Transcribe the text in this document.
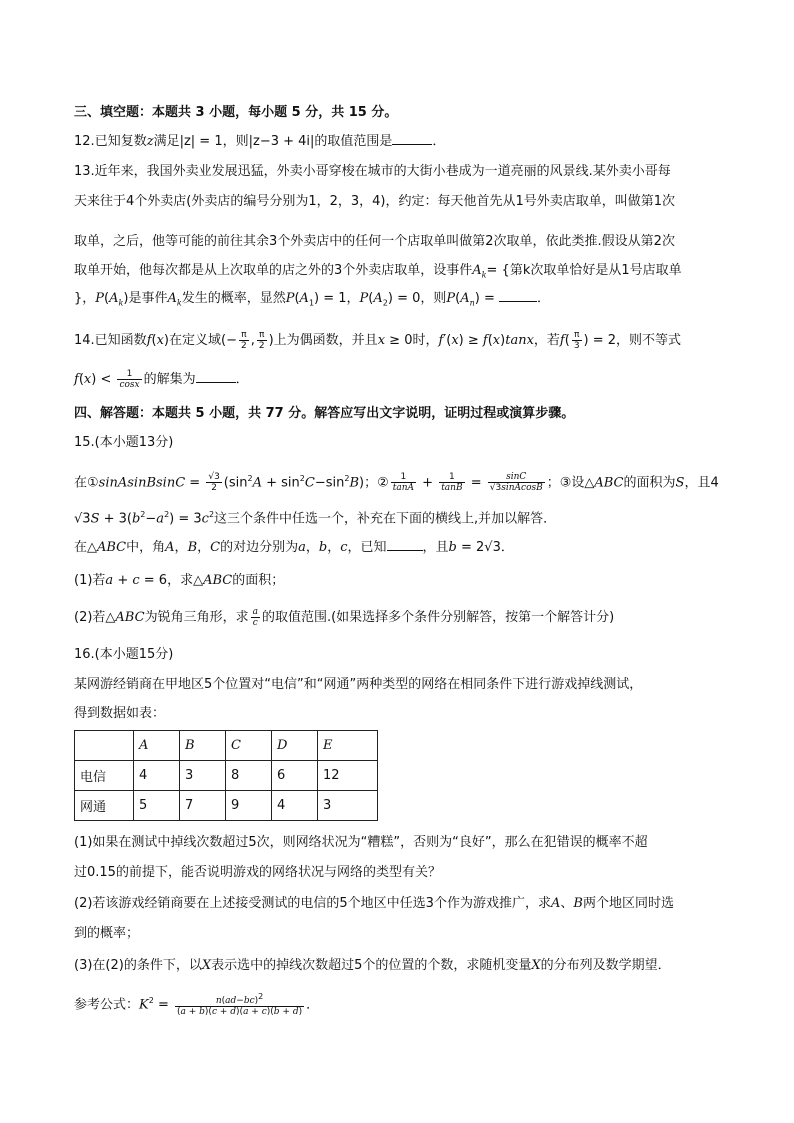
三、填空题：本题共 3 小题，每小题 5 分，共 15 分。
12.已知复数z满足|z| = 1，则|z−3 + 4i|的取值范围是	．
13.近年来，我国外卖业发展迅猛，外卖小哥穿梭在城市的大街小巷成为一道亮丽的风景线.某外卖小哥每
天来往于4个外卖店(外卖店的编号分别为1，2，3，4)，约定：每天他首先从1号外卖店取单，叫做第1次
取单，之后，他等可能的前往其余3个外卖店中的任何一个店取单叫做第2次取单，依此类推.假设从第2次
取单开始，他每次都是从上次取单的店之外的3个外卖店取单，设事件$A_k=$ {第k次取单恰好是从1号店取单
}，$P(A_k)$是事件$A_k$发生的概率，显然$P(A_1) = 1$，$P(A_2) = 0$，则$P(A_n)$ =	．
14.已知函数f(x)在定义域(− $\frac{\pi}{2}$ , $\frac{\pi}{2}$ )上为偶函数，并且x ≥ 0时，f′(x) ≥ f(x)tanx，若$f( \frac{\pi}{3}$ ) = 2，则不等式
$f(x) < \frac{1}{\cos x}$ 的解集为	．
四、解答题：本题共 5 小题，共 77 分。解答应写出文字说明，证明过程或演算步骤。
15.(本小题13分)
在①sinAsinBsinC = $\frac{√3}{2} (\sin^2A + \sin^2C-\sin^2B)$；② $\frac{1}{\tan A} + \frac{1}{\tan B} = \frac{\sin C}{\text{√3sinAcosB}}$ ；③设△ABC的面积为S，且4
$√3S + 3(b^2-a^2) = 3c^2$这三个条件中任选一个，补充在下面的横线上,并加以解答．
在△ABC中，角A，B，C的对边分别为a，b，c，已知	，且b = 2√3．
(1)若a + c = 6，求△ABC的面积；
(2)若△ABC为锐角三角形，求 $\frac{a}{c}$ 的取值范围.(如果选择多个条件分别解答，按第一个解答计分)
16.(本小题15分)
某网游经销商在甲地区5个位置对“电信”和“网通”两种类型的网络在相同条件下进行游戏掉线测试，
得到数据如表：
	A	B	C	D	E
电信	4	3	8	6	12
网通	5	7	9	4	3
(1)如果在测试中掉线次数超过5次，则网络状况为“糟糕”，否则为“良好”，那么在犯错误的概率不超
过0.15的前提下，能否说明游戏的网络状况与网络的类型有关？
(2)若该游戏经销商要在上述接受测试的电信的5个地区中任选3个作为游戏推广，求A、B两个地区同时选
到的概率；
(3)在(2)的条件下，以X表示选中的掉线次数超过5个的位置的个数，求随机变量X的分布列及数学期望．
参考公式：$K^2 = \frac{n(ad-bc)2}{(a + b)(c + d)(a + c)(b + d)}$ ．
